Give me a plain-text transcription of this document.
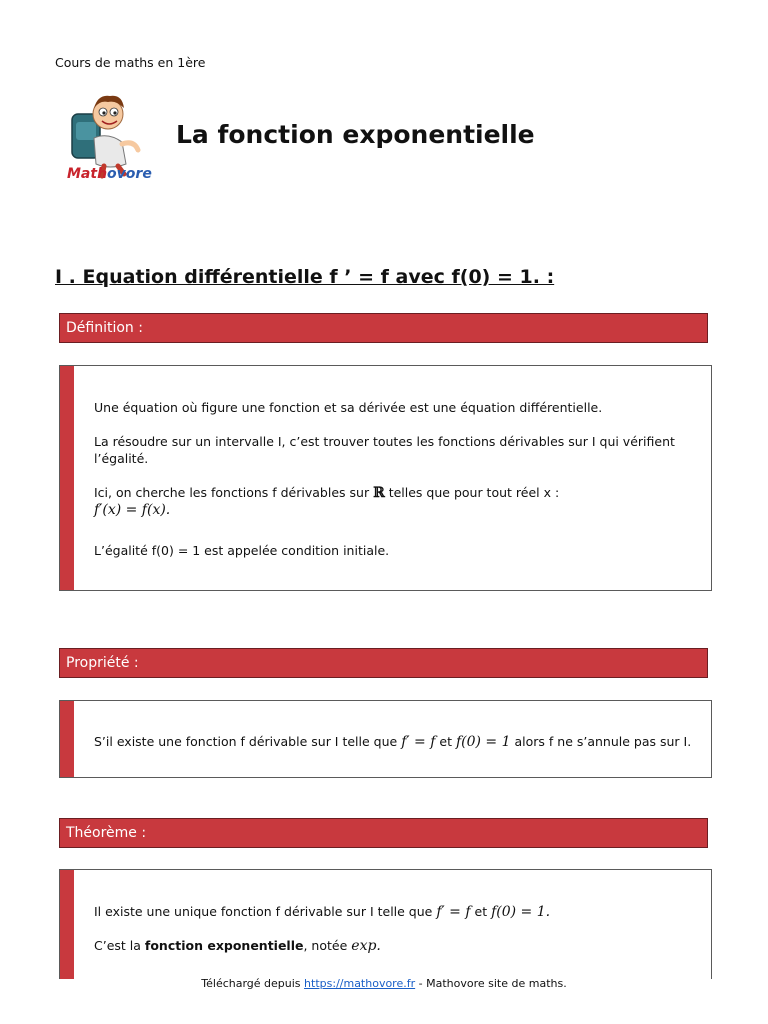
Cours de maths en 1ère
Mathovore
La fonction exponentielle
I . Equation différentielle f ’ = f avec f(0) = 1. :
Définition :

Une équation où figure une fonction et sa dérivée est une équation différentielle.

La résoudre sur un intervalle I, c’est trouver toutes les fonctions dérivables sur I qui vérifient l’égalité.

Ici, on cherche les fonctions f dérivables sur ℝ telles que pour tout réel x :

f′(x) = f(x).

L’égalité f(0) = 1 est appelée condition initiale.

Propriété :
S’il existe une fonction f dérivable sur I telle que f′ = f et f(0) = 1 alors f ne s’annule pas sur I.
Théorème :

Il existe une unique fonction f dérivable sur I telle que f′ = f et f(0) = 1.

C’est la fonction exponentielle, notée exp.

Téléchargé depuis https://mathovore.fr - Mathovore site de maths.
